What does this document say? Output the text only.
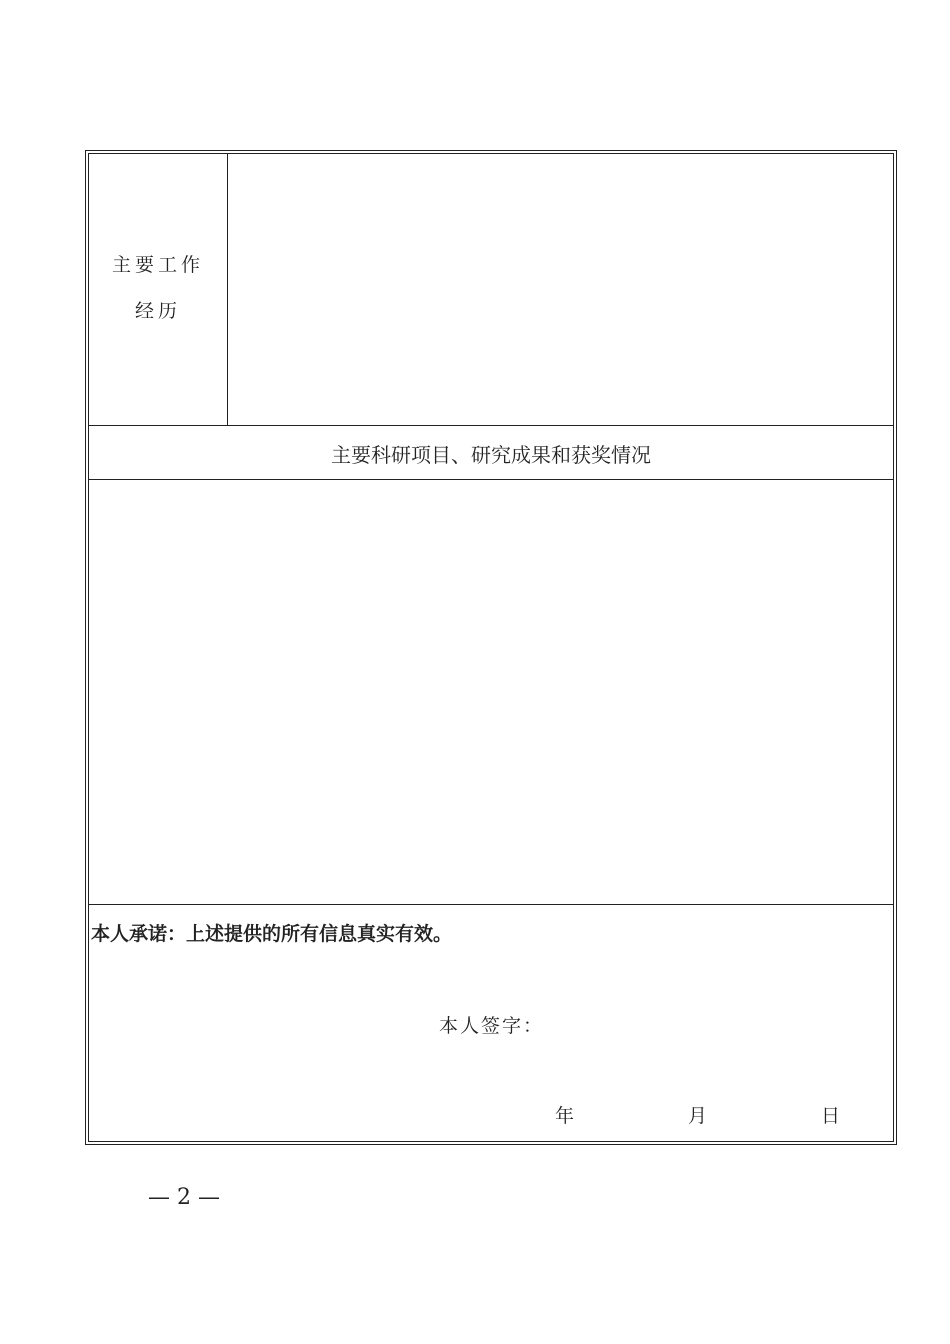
主要工作
经历
主要科研项目、研究成果和获奖情况
本人承诺：上述提供的所有信息真实有效。
本人签字：
年	月	日
— 2 —
